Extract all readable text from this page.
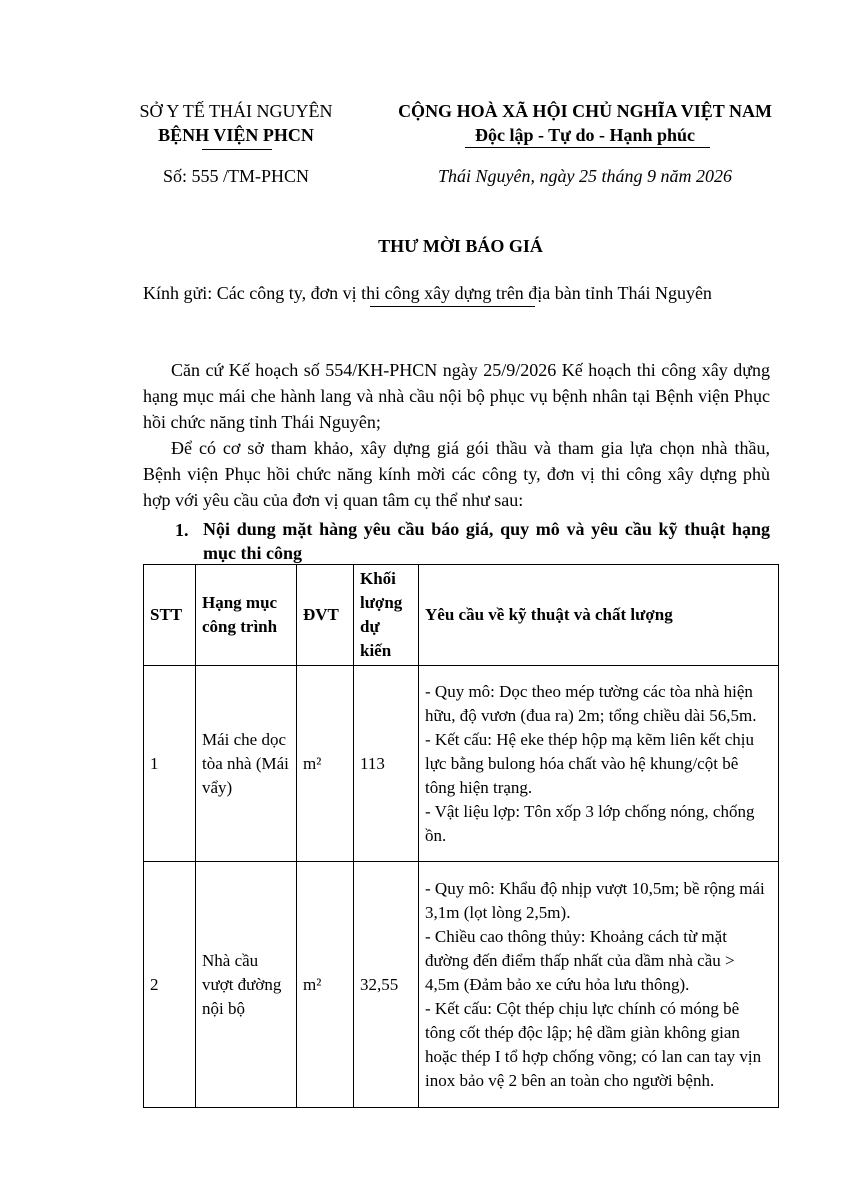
SỞ Y TẾ THÁI NGUYÊN
BỆNH VIỆN PHCN
Số: 555 /TM-PHCN
CỘNG HOÀ XÃ HỘI CHỦ NGHĨA VIỆT NAM
Độc lập - Tự do - Hạnh phúc
Thái Nguyên, ngày 25 tháng 9 năm 2026
THƯ MỜI BÁO GIÁ
Kính gửi: Các công ty, đơn vị thi công xây dựng trên địa bàn tỉnh Thái Nguyên
Căn cứ Kế hoạch số 554/KH-PHCN ngày 25/9/2026 Kế hoạch thi công xây dựng hạng mục mái che hành lang và nhà cầu nội bộ phục vụ bệnh nhân tại Bệnh viện Phục hồi chức năng tỉnh Thái Nguyên;
Để có cơ sở tham khảo, xây dựng giá gói thầu và tham gia lựa chọn nhà thầu, Bệnh viện Phục hồi chức năng kính mời các công ty, đơn vị thi công xây dựng phù hợp với yêu cầu của đơn vị quan tâm cụ thể như sau:
1. Nội dung mặt hàng yêu cầu báo giá, quy mô và yêu cầu kỹ thuật hạng mục thi công
STT	Hạng mục công trình	ĐVT	Khối lượng dự kiến	Yêu cầu về kỹ thuật và chất lượng
1	Mái che dọc tòa nhà (Mái vẩy)	m²	113	- Quy mô: Dọc theo mép tường các tòa nhà hiện hữu, độ vươn (đua ra) 2m; tổng chiều dài 56,5m.
- Kết cấu: Hệ eke thép hộp mạ kẽm liên kết chịu lực bằng bulong hóa chất vào hệ khung/cột bê tông hiện trạng.
- Vật liệu lợp: Tôn xốp 3 lớp chống nóng, chống ồn.

2	Nhà cầu vượt đường nội bộ	m²	32,55	- Quy mô: Khẩu độ nhịp vượt 10,5m; bề rộng mái 3,1m (lọt lòng 2,5m).
- Chiều cao thông thủy: Khoảng cách từ mặt đường đến điểm thấp nhất của dầm nhà cầu > 4,5m (Đảm bảo xe cứu hỏa lưu thông).
- Kết cấu: Cột thép chịu lực chính có móng bê tông cốt thép độc lập; hệ dầm giàn không gian hoặc thép I tổ hợp chống võng; có lan can tay vịn inox bảo vệ 2 bên an toàn cho người bệnh.
